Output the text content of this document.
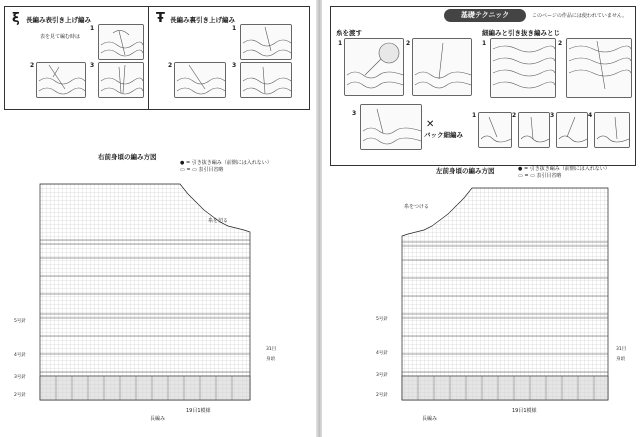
ξ 長編み表引き上げ編み
表を見て編む時は
1
2	3
Ŧ 長編み裏引き上げ編み
1
2	3
右前身頃の編み方図
● = 引き抜き編み（前側には入れない）
▭ = ▭ 表引目省略
糸を切る
5号針
4号針
3号針
2号針
31目
身頃
19目1模様
長編み
基礎テクニック	このページの作品には使われていません。
糸を渡す
1	2
3
細編みと引き抜き編みとじ
1	2
✕
バック細編み
1	2	3	4
左前身頃の編み方図	● = 引き抜き編み（前側には入れない）
▭ = ▭ 表引目省略
糸をつける
5号針
4号針
3号針
2号針
31目
身頃
19目1模様
長編み
